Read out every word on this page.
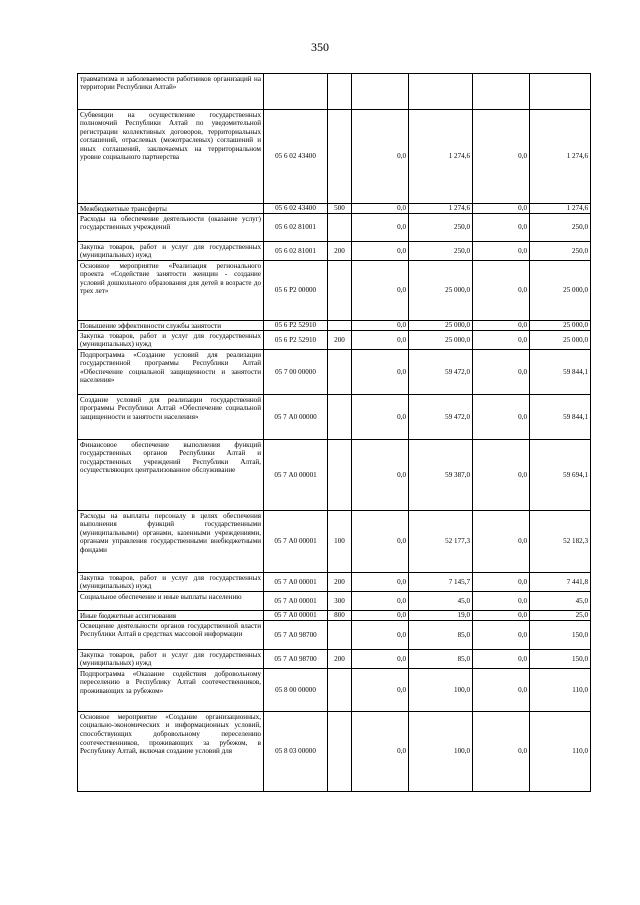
350
травматизма и заболеваемости работников организаций на территории Республики Алтай»						
Субвенции на осуществление государственных полномочий Республики Алтай по уведомительной регистрации коллективных договоров, территориальных соглашений, отраслевых (межотраслевых) соглашений и иных соглашений, заключаемых на территориальном уровне социального партнерства	05 6 02 43400		0,0	1 274,6	0,0	1 274,6
Межбюджетные трансферты	05 6 02 43400	500	0,0	1 274,6	0,0	1 274,6
Расходы на обеспечение деятельности (оказание услуг) государственных учреждений	05 6 02 81001		0,0	250,0	0,0	250,0
Закупка товаров, работ и услуг для государственных (муниципальных) нужд	05 6 02 81001	200	0,0	250,0	0,0	250,0
Основное мероприятие «Реализация регионального проекта «Содействие занятости женщин - создание условий дошкольного образования для детей в возрасте до трех лет»	05 6 P2 00000		0,0	25 000,0	0,0	25 000,0
Повышение эффективности службы занятости	05 6 P2 52910		0,0	25 000,0	0,0	25 000,0
Закупка товаров, работ и услуг для государственных (муниципальных) нужд	05 6 P2 52910	200	0,0	25 000,0	0,0	25 000,0
Подпрограмма «Создание условий для реализации государственной программы Республики Алтай «Обеспечение социальной защищенности и занятости населения»	05 7 00 00000		0,0	59 472,0	0,0	59 844,1
Создание условий для реализации государственной программы Республики Алтай «Обеспечение социальной защищенности и занятости населения»	05 7 А0 00000		0,0	59 472,0	0,0	59 844,1
Финансовое обеспечение выполнения функций государственных органов Республики Алтай и государственных учреждений Республики Алтай, осуществляющих централизованное обслуживание	05 7 А0 00001		0,0	59 387,0	0,0	59 694,1
Расходы на выплаты персоналу в целях обеспечения выполнения функций государственными (муниципальными) органами, казенными учреждениями, органами управления государственными внебюджетными фондами	05 7 А0 00001	100	0,0	52 177,3	0,0	52 182,3
Закупка товаров, работ и услуг для государственных (муниципальных) нужд	05 7 А0 00001	200	0,0	7 145,7	0,0	7 441,8
Социальное обеспечение и иные выплаты населению	05 7 А0 00001	300	0,0	45,0	0,0	45,0
Иные бюджетные ассигнования	05 7 А0 00001	800	0,0	19,0	0,0	25,0
Освещение деятельности органов государственной власти Республики Алтай в средствах массовой информации	05 7 А0 98700		0,0	85,0	0,0	150,0
Закупка товаров, работ и услуг для государственных (муниципальных) нужд	05 7 А0 98700	200	0,0	85,0	0,0	150,0
Подпрограмма «Оказание содействия добровольному переселению в Республику Алтай соотечественников, проживающих за рубежом»	05 8 00 00000		0,0	100,0	0,0	110,0
Основное мероприятие «Создание организационных, социально-экономических и информационных условий, способствующих добровольному переселению соотечественников, проживающих за рубежом, в Республику Алтай, включая создание условий для	05 8 03 00000		0,0	100,0	0,0	110,0
